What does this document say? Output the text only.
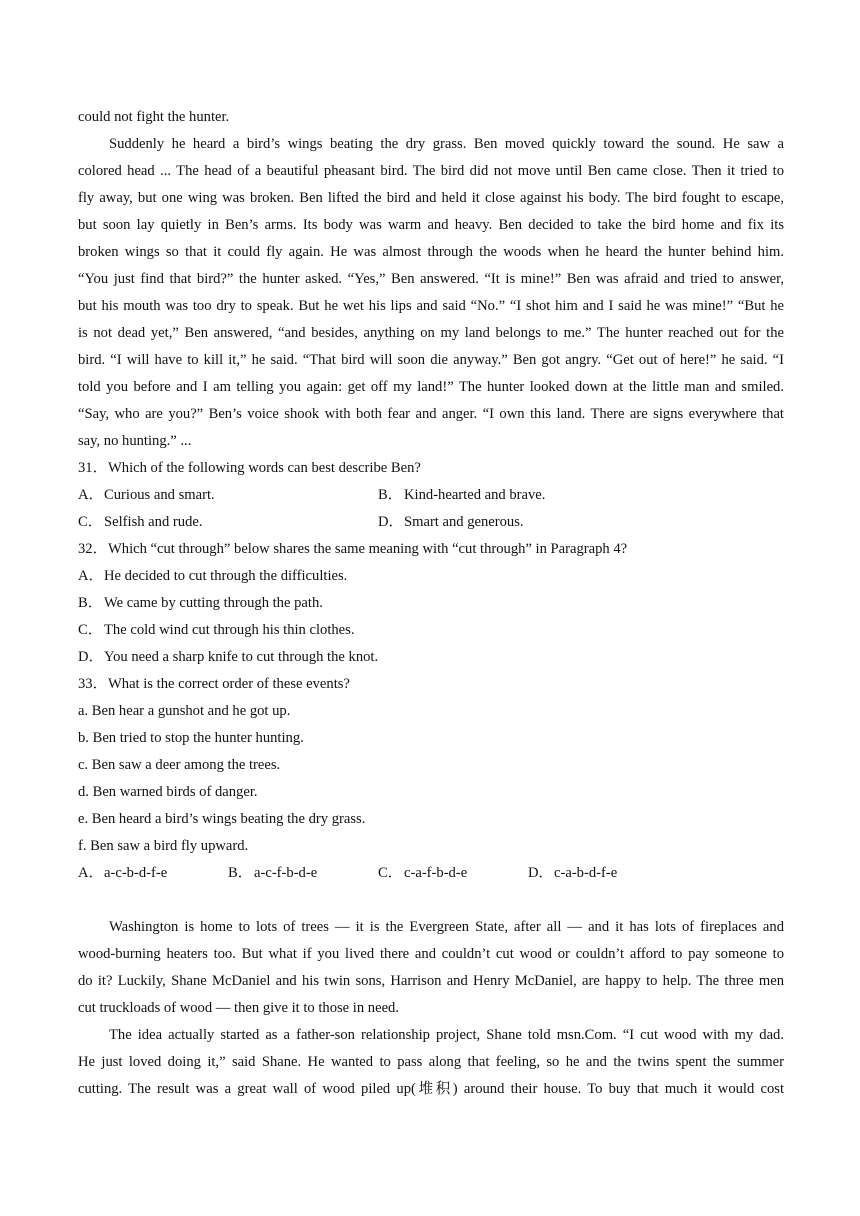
could not fight the hunter.
Suddenly he heard a bird’s wings beating the dry grass. Ben moved quickly toward the sound. He saw a
colored head ... The head of a beautiful pheasant bird. The bird did not move until Ben came close. Then it tried to
fly away, but one wing was broken. Ben lifted the bird and held it close against his body. The bird fought to escape,
but soon lay quietly in Ben’s arms. Its body was warm and heavy. Ben decided to take the bird home and fix its
broken wings so that it could fly again. He was almost through the woods when he heard the hunter behind him.
“You just find that bird?” the hunter asked. “Yes,” Ben answered. “It is mine!” Ben was afraid and tried to answer,
but his mouth was too dry to speak. But he wet his lips and said “No.” “I shot him and I said he was mine!” “But he
is not dead yet,” Ben answered, “and besides, anything on my land belongs to me.” The hunter reached out for the
bird. “I will have to kill it,” he said. “That bird will soon die anyway.” Ben got angry. “Get out of here!” he said. “I
told you before and I am telling you again: get off my land!” The hunter looked down at the little man and smiled.
“Say, who are you?” Ben’s voice shook with both fear and anger. “I own this land. There are signs everywhere that
say, no hunting.” ...
31．Which of the following words can best describe Ben?
A．Curious and smart.	B． Kind-hearted and brave.
C． Selfish and rude.	D．Smart and generous.
32．Which “cut through” below shares the same meaning with “cut through” in Paragraph 4?
A．He decided to cut through the difficulties.
B． We came by cutting through the path.
C． The cold wind cut through his thin clothes.
D．You need a sharp knife to cut through the knot.
33．What is the correct order of these events?
a. Ben hear a gunshot and he got up.
b. Ben tried to stop the hunter hunting.
c. Ben saw a deer among the trees.
d. Ben warned birds of danger.
e. Ben heard a bird’s wings beating the dry grass.
f. Ben saw a bird fly upward.
A．a-c-b-d-f-e	B． a-c-f-b-d-e	C． c-a-f-b-d-e	D．c-a-b-d-f-e
Washington is home to lots of trees — it is the Evergreen State, after all — and it has lots of fireplaces and
wood-burning heaters too. But what if you lived there and couldn’t cut wood or couldn’t afford to pay someone to
do it? Luckily, Shane McDaniel and his twin sons, Harrison and Henry McDaniel, are happy to help. The three men
cut truckloads of wood — then give it to those in need.
The idea actually started as a father-son relationship project, Shane told msn.Com. “I cut wood with my dad.
He just loved doing it,” said Shane. He wanted to pass along that feeling, so he and the twins spent the summer
cutting. The result was a great wall of wood piled up(堆积) around their house. To buy that much it would cost
